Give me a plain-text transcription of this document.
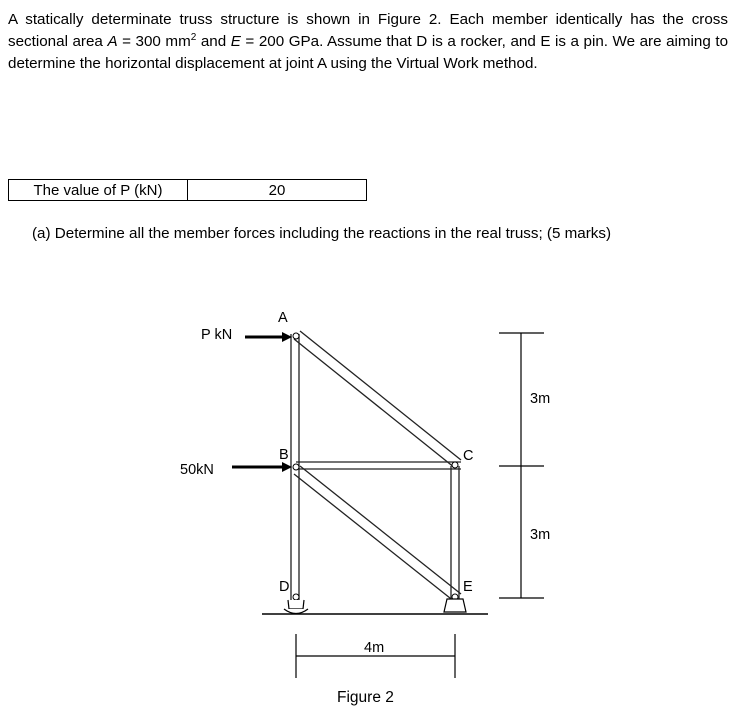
A statically determinate truss structure is shown in Figure 2. Each member identically has the cross sectional area A = 300 $mm^2$ and E = 200 GPa. Assume that D is a rocker, and E is a pin. We are aiming to determine the horizontal displacement at joint A using the Virtual Work method.

The value of P (kN)	20

(a) Determine all the member forces including the reactions in the real truss; (5 marks)

P kN
50kN
A
B	C
D	E
3m
3m
4m
Figure 2
